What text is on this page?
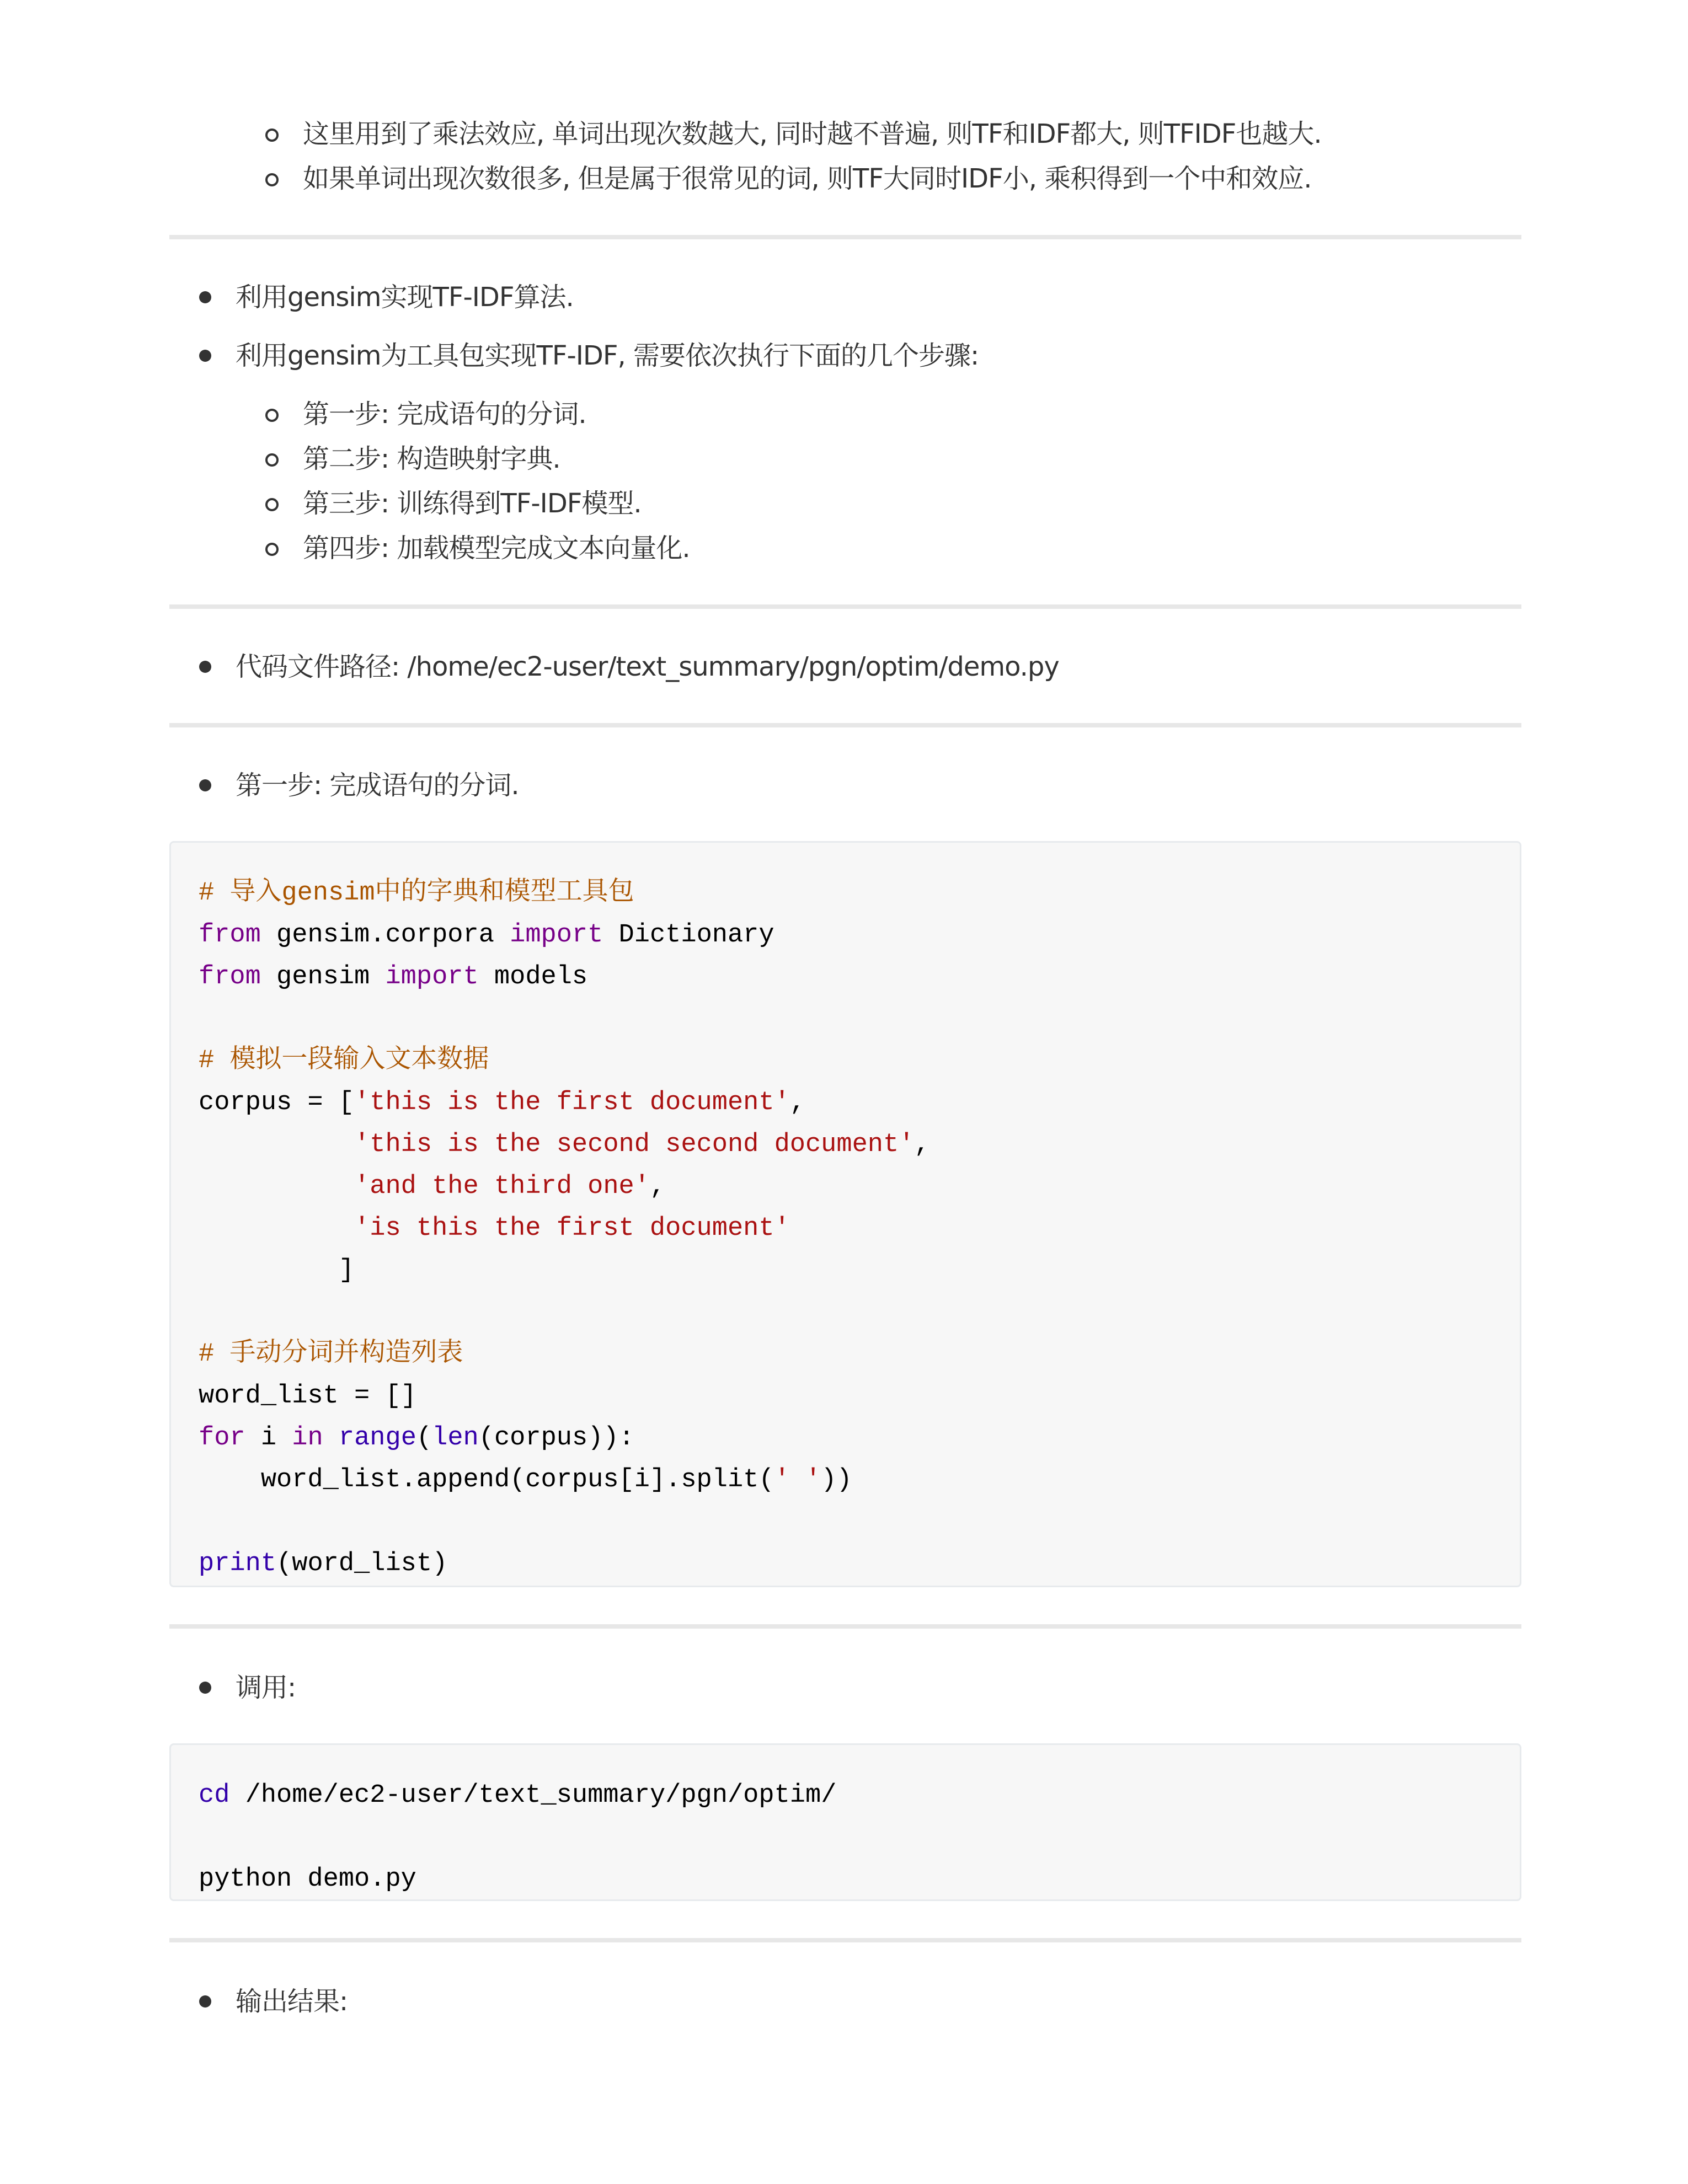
这里用到了乘法效应, 单词出现次数越大, 同时越不普遍, 则TF和IDF都大, 则TFIDF也越大.
如果单词出现次数很多, 但是属于很常见的词, 则TF大同时IDF小, 乘积得到一个中和效应.
利用gensim实现TF-IDF算法.
利用gensim为工具包实现TF-IDF, 需要依次执行下面的几个步骤:
第一步: 完成语句的分词.
第二步: 构造映射字典.
第三步: 训练得到TF-IDF模型.
第四步: 加载模型完成文本向量化.
代码文件路径: /home/ec2-user/text_summary/pgn/optim/demo.py
第一步: 完成语句的分词.
# 导入gensim中的字典和模型工具包
from gensim.corpora import Dictionary
from gensim import models
# 模拟一段输入文本数据
corpus = ['this is the first document',
'this is the second second document',
'and the third one',
'is this the first document'
]
# 手动分词并构造列表
word_list = []
for i in range(len(corpus)):
word_list.append(corpus[i].split(' '))
print(word_list)
调用:
cd /home/ec2-user/text_summary/pgn/optim/
python demo.py
输出结果:
